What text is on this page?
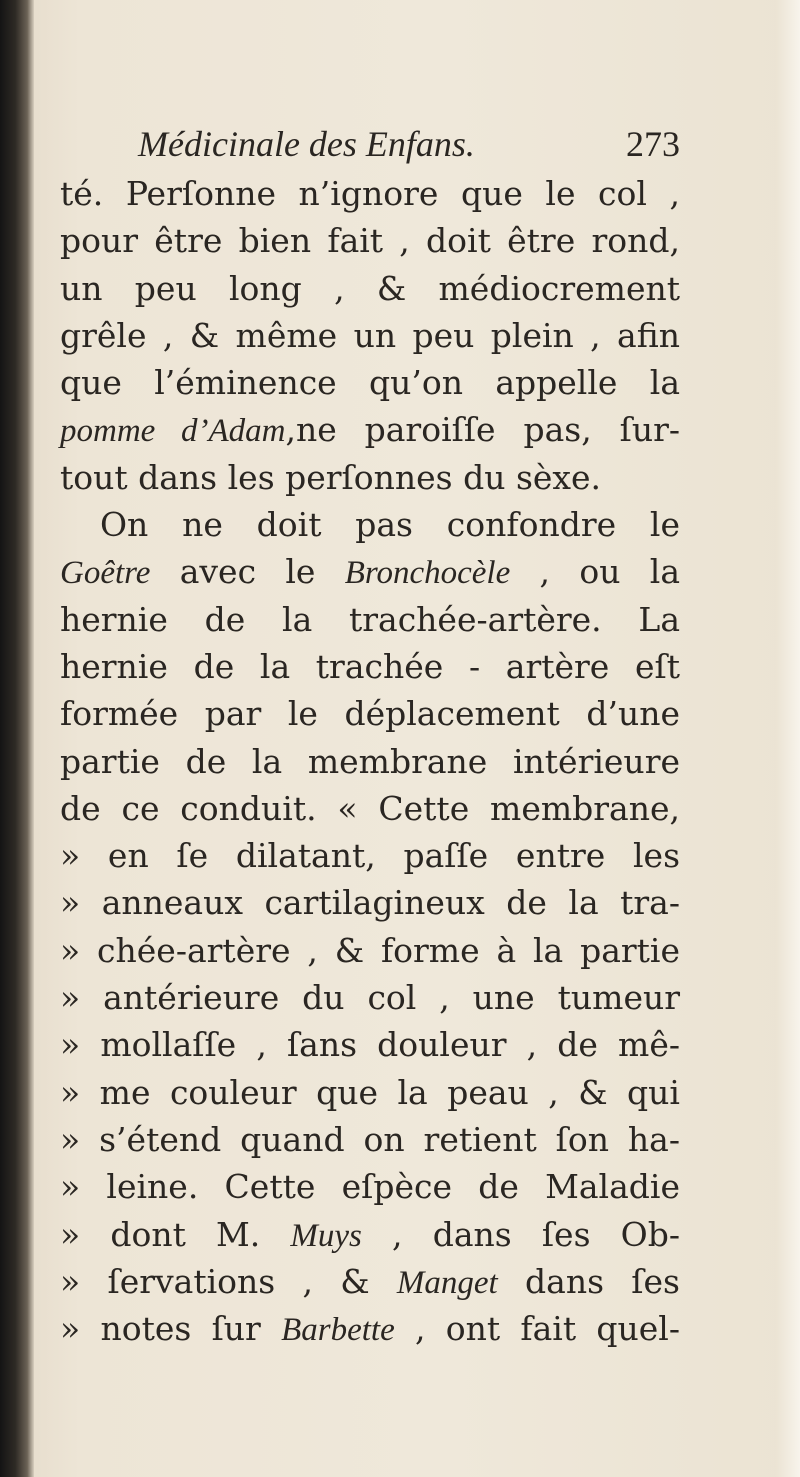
Médicinale des Enfans.	273
té. Perſonne n’ignore que le col ,
pour être bien fait , doit être rond,
un peu long , & médiocrement
grêle , & même un peu plein , afin
que l’éminence qu’on appelle la
pomme d’Adam,ne paroiſſe pas, ſur-
tout dans les perſonnes du sèxe.
On ne doit pas confondre le
Goêtre avec le Bronchocèle , ou la
hernie de la trachée-artère. La
hernie de la trachée - artère eſt
formée par le déplacement d’une
partie de la membrane intérieure
de ce conduit. « Cette membrane,
» en ſe dilatant, paſſe entre les
» anneaux cartilagineux de la tra-
» chée-artère , & forme à la partie
» antérieure du col , une tumeur
» mollaſſe , ſans douleur , de mê-
» me couleur que la peau , & qui
» s’étend quand on retient ſon ha-
» leine. Cette eſpèce de Maladie
» dont M. Muys , dans ſes Ob-
» ſervations , & Manget dans ſes
» notes ſur Barbette , ont fait quel-
